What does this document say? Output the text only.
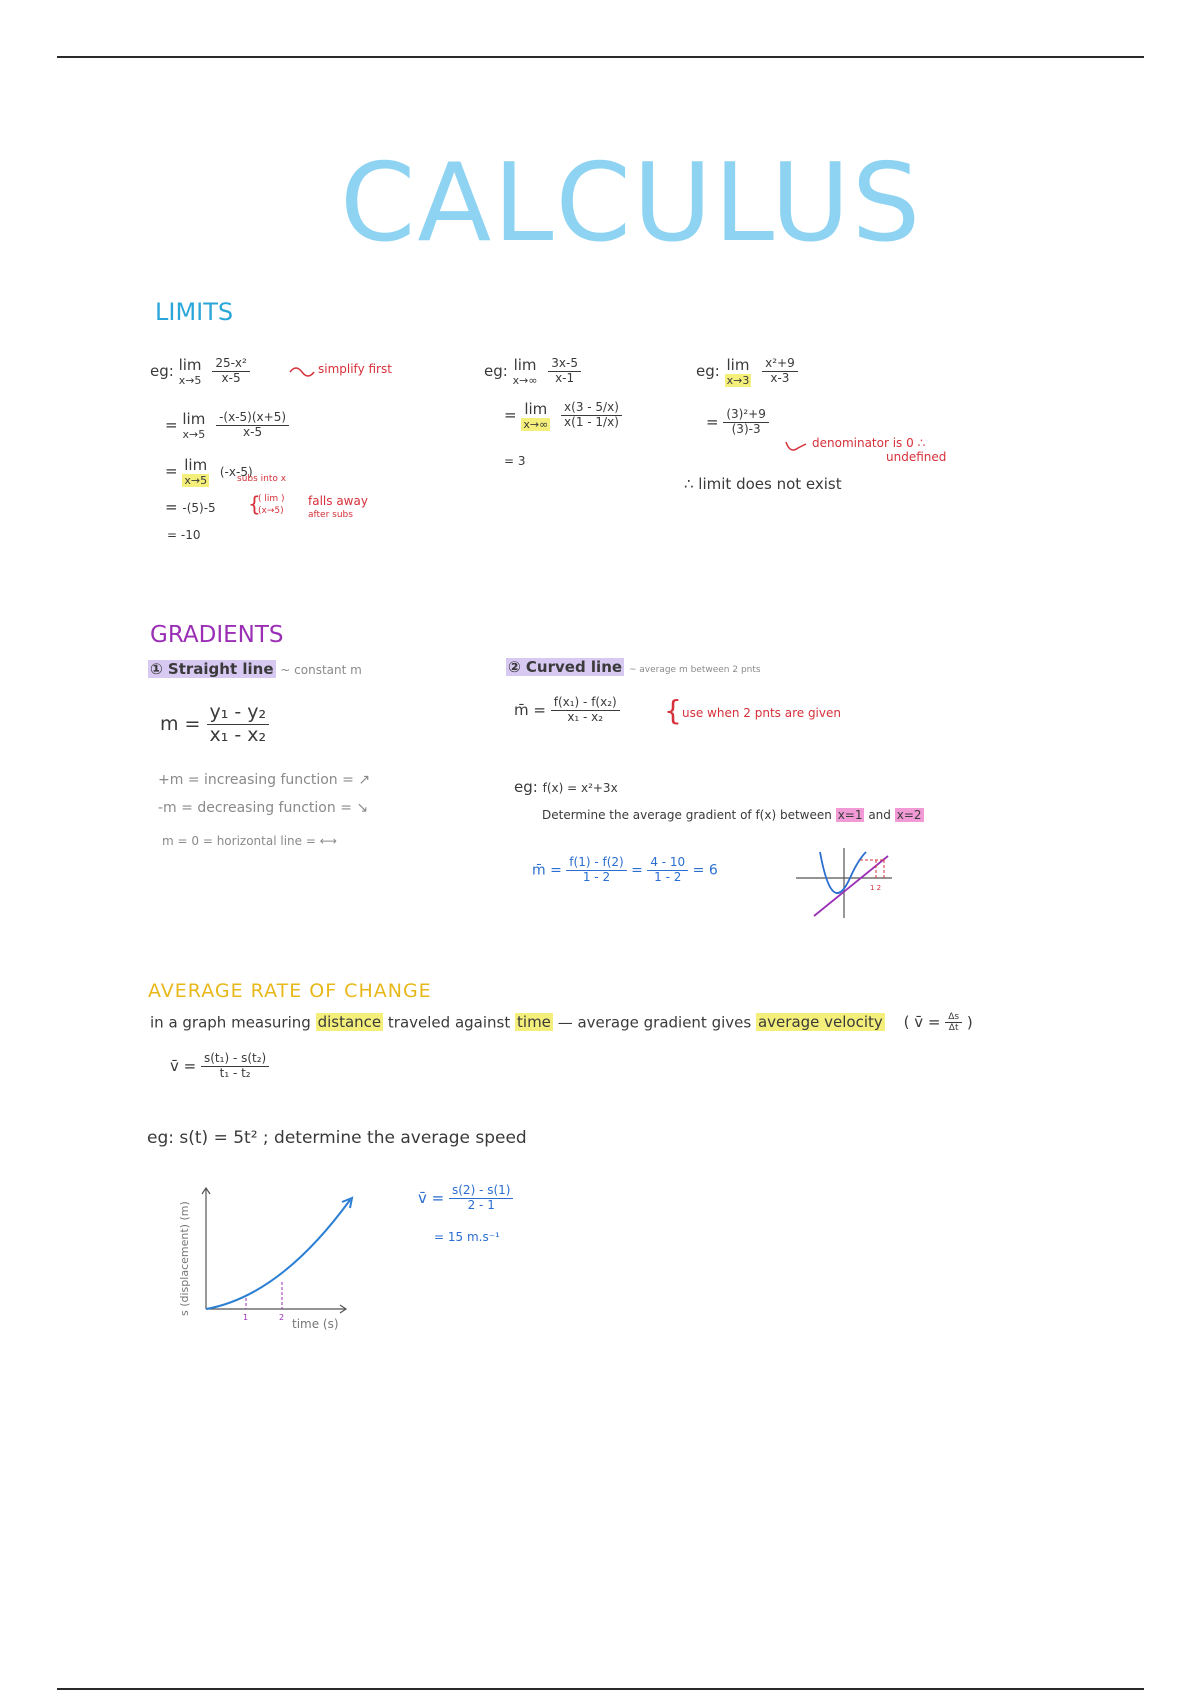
CALCULUS
LIMITS
eg: lim
x→5
$\frac{\text{25-x²}}{x-5}$	simplify first
= lim
x→5
$\frac{-(x-5)(x+5)}{x-5}$
= lim
x→5
(-x-5)
subs into x
= -(5)-5 {
( lim )
(x→5)
falls away
after subs
= -10
eg: lim
x→∞
$\frac{3x-5}{x-1}$
= lim
x→∞
$\frac{x(3 - 5/x)}{x(1 - 1/x)}$
= 3
eg: lim
x→3
$\frac{\text{x²+9}}{x-3}$
= $\frac{\text{(3)²+9}}{(3)-3}$
denominator is 0 ∴
undefined
∴ limit does not exist
GRADIENTS
① Straight line ~ constant m
$m = \frac{\text{y₁ - y₂}}{\text{x₁ - x₂}}$
+m = increasing function = ↗
-m = decreasing function = ↘
m = 0 = horizontal line = ⟷
② Curved line ~ average m between 2 pnts
m̄ = $\frac{\text{f(x₁) - f(x₂)}}{\text{x₁ - x₂}}$ { use when 2 pnts are given
eg: f(x) = x²+3x
Determine the average gradient of f(x) between x=1 and x=2
m̄ = $\frac{f(1) - f(2)}{1 - 2} = \frac{4 - 10}{1 - 2} = 6$
1 2
AVERAGE RATE OF CHANGE
in a graph measuring distance traveled against time — average gradient gives average velocity ( v̄ = $\frac{\Delta s}{\Delta t}$ )
v̄ = $\frac{\text{s(t₁) - s(t₂)}}{\text{t₁ - t₂}}$
eg: s(t) = 5t² ; determine the average speed
1	2 time (s)
s (displacement) (m)
v̄ = $\frac{s(2) - s(1)}{2 - 1}$
= 15 m.s⁻¹
